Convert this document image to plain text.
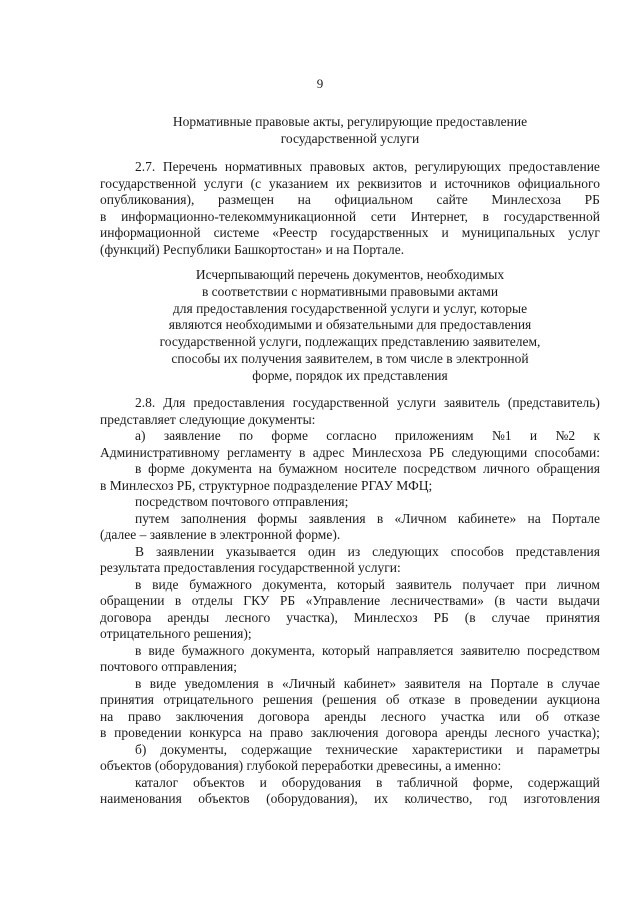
9
Нормативные правовые акты, регулирующие предоставление
государственной услуги
2.7. Перечень нормативных правовых актов, регулирующих предоставление
государственной услуги (с указанием их реквизитов и источников официального
опубликования), размещен на официальном сайте Минлесхоза РБ
в информационно-телекоммуникационной сети Интернет, в государственной
информационной системе «Реестр государственных и муниципальных услуг
(функций) Республики Башкортостан» и на Портале.
Исчерпывающий перечень документов, необходимых
в соответствии с нормативными правовыми актами
для предоставления государственной услуги и услуг, которые
являются необходимыми и обязательными для предоставления
государственной услуги, подлежащих представлению заявителем,
способы их получения заявителем, в том числе в электронной
форме, порядок их представления
2.8. Для предоставления государственной услуги заявитель (представитель)
представляет следующие документы:
а) заявление по форме согласно приложениям №1 и №2 к
Административному регламенту в адрес Минлесхоза РБ следующими способами:
в форме документа на бумажном носителе посредством личного обращения
в Минлесхоз РБ, структурное подразделение РГАУ МФЦ;
посредством почтового отправления;
путем заполнения формы заявления в «Личном кабинете» на Портале
(далее – заявление в электронной форме).
В заявлении указывается один из следующих способов представления
результата предоставления государственной услуги:
в виде бумажного документа, который заявитель получает при личном
обращении в отделы ГКУ РБ «Управление лесничествами» (в части выдачи
договора аренды лесного участка), Минлесхоз РБ (в случае принятия
отрицательного решения);
в виде бумажного документа, который направляется заявителю посредством
почтового отправления;
в виде уведомления в «Личный кабинет» заявителя на Портале в случае
принятия отрицательного решения (решения об отказе в проведении аукциона
на право заключения договора аренды лесного участка или об отказе
в проведении конкурса на право заключения договора аренды лесного участка);
б) документы, содержащие технические характеристики и параметры
объектов (оборудования) глубокой переработки древесины, а именно:
каталог объектов и оборудования в табличной форме, содержащий
наименования объектов (оборудования), их количество, год изготовления
